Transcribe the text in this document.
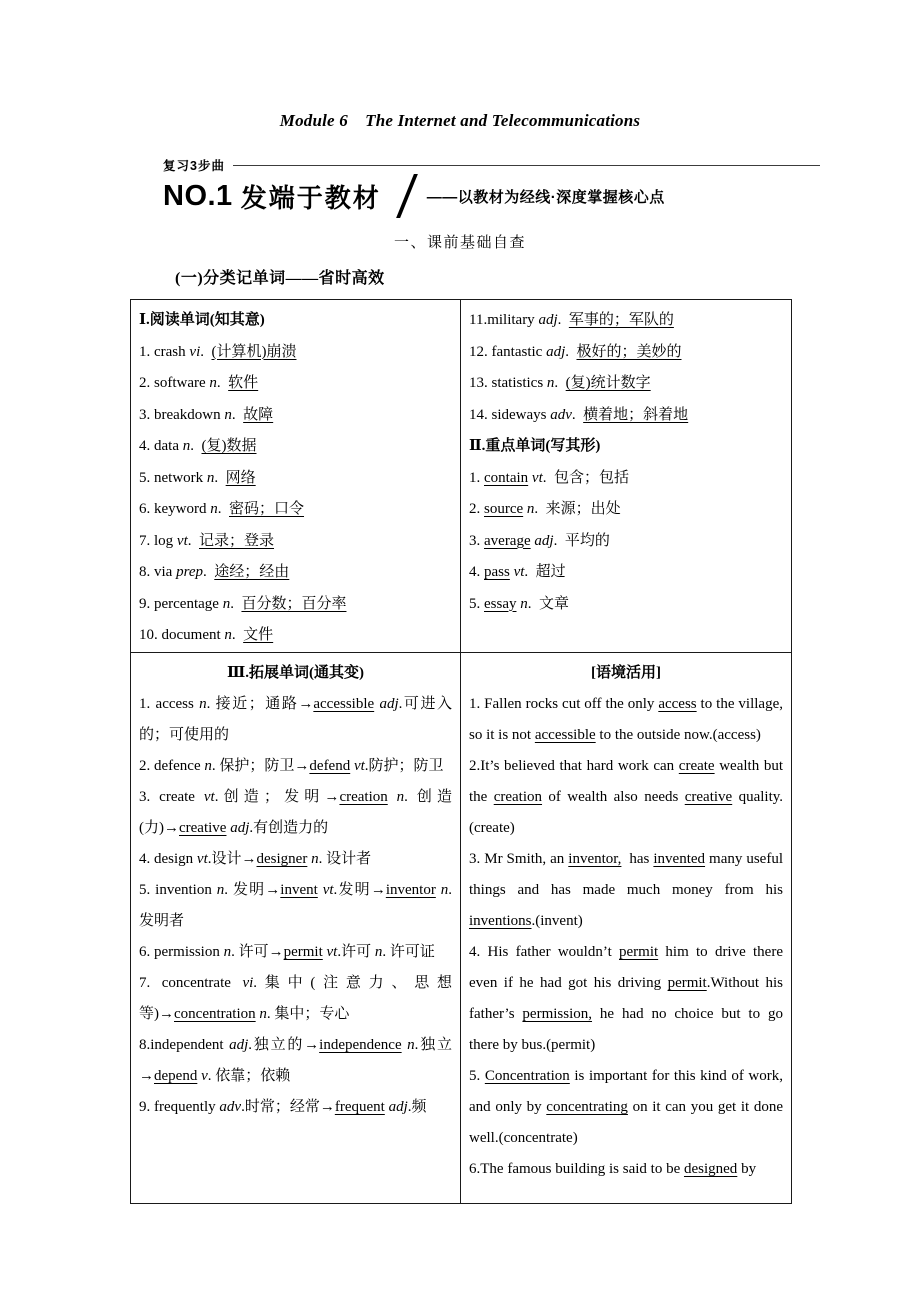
Module 6　The Internet and Telecommunications
复习3步曲
NO.1 发端于教材	——以教材为经线·深度掌握核心点
一、课前基础自查
(一)分类记单词——省时高效
Ⅰ.阅读单词(知其意)
1. crash vi.  (计算机)崩溃
2. software n.  软件
3. breakdown n.  故障
4. data n.  (复)数据
5. network n.  网络
6. keyword n.  密码；口令
7. log vt.  记录；登录
8. via prep.  途经；经由
9. percentage n.  百分数；百分率
10. document n.  文件

11.military adj.  军事的；军队的
12. fantastic adj.  极好的；美妙的
13. statistics n.  (复)统计数字
14. sideways adv.  横着地；斜着地
Ⅱ.重点单词(写其形)
1. contain vt.  包含；包括
2. source n.  来源；出处
3. average adj.  平均的
4. pass vt.  超过
5. essay n.  文章

Ⅲ.拓展单词(通其变)
1. access n. 接近；通路→accessible adj.可进入的；可使用的
2. defence n. 保护；防卫→defend vt.防护；防卫
3. create vt.创造；发明→creation n. 创造(力)→creative adj.有创造力的
4. design vt.设计→designer n. 设计者
5. invention n. 发明→invent vt.发明→inventor n. 发明者
6. permission n. 许可→permit vt.许可 n. 许可证
7. concentrate vi.集中(注意力、思想等)→concentration n. 集中；专心
8.independent adj.独立的→independence n.独立→depend v. 依靠；依赖
9. frequently adv.时常；经常→frequent adj.频

[语境活用]
1. Fallen rocks cut off the only access to the village, so it is not accessible to the outside now.(access)
2.It’s believed that hard work can create wealth but the creation of wealth also needs creative quality.(create)
3. Mr Smith, an inventor,  has invented many useful things and has made much money from his inventions.(invent)
4. His father wouldn’t permit him to drive there even if he had got his driving permit.Without his father’s permission, he had no choice but to go there by bus.(permit)
5. Concentration is important for this kind of work, and only by concentrating on it can you get it done well.(concentrate)
6.The famous building is said to be designed by
